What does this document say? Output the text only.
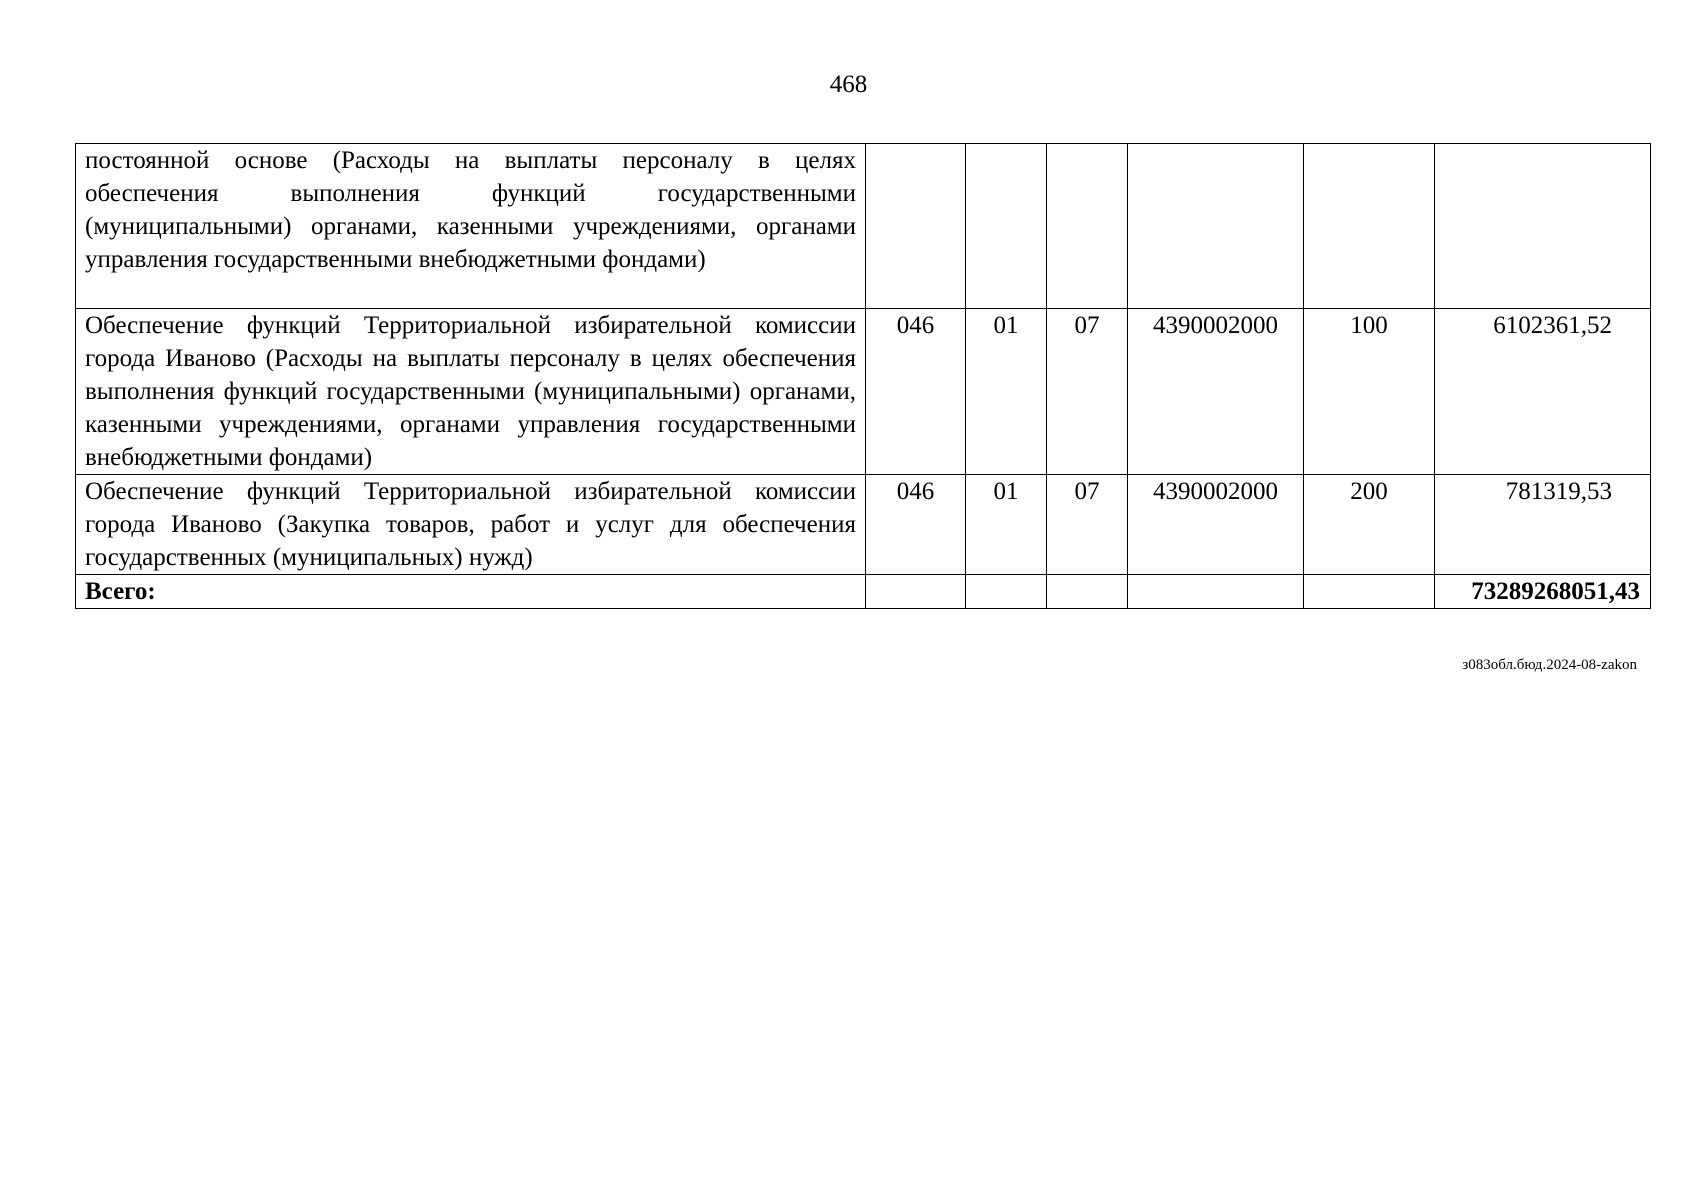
468
постоянной основе (Расходы на выплаты персоналу в целях обеспечения выполнения функций государственными (муниципальными) органами, казенными учреждениями, органами управления государственными внебюджетными фондами)						
Обеспечение функций Территориальной избирательной комиссии города Иваново (Расходы на выплаты персоналу в целях обеспечения выполнения функций государственными (муниципальными) органами, казенными учреждениями, органами управления государственными внебюджетными фондами)	046	01	07	4390002000	100	6102361,52
Обеспечение функций Территориальной избирательной комиссии города Иваново (Закупка товаров, работ и услуг для обеспечения государственных (муниципальных) нужд)	046	01	07	4390002000	200	781319,53
Всего:						73289268051,43
з083обл.бюд.2024-08-zakon
